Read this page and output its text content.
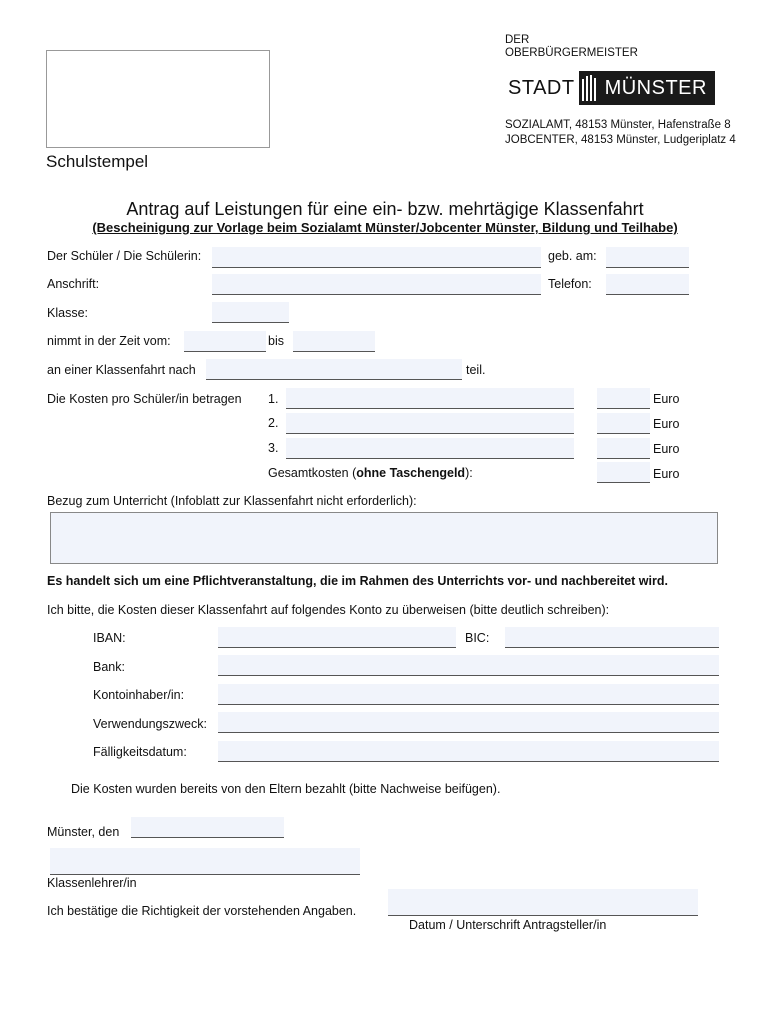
Schulstempel
DER
OBERBÜRGERMEISTER
STADT MÜNSTER
SOZIALAMT, 48153 Münster, Hafenstraße 8
JOBCENTER, 48153 Münster, Ludgeriplatz 4
Antrag auf Leistungen für eine ein- bzw. mehrtägige Klassenfahrt
(Bescheinigung zur Vorlage beim Sozialamt Münster/Jobcenter Münster, Bildung und Teilhabe)
Der Schüler / Die Schülerin:	geb. am:
Anschrift:	Telefon:
Klasse:
nimmt in der Zeit vom:	bis
an einer Klassenfahrt nach	teil.
Die Kosten pro Schüler/in betragen 1.	Euro
2.	Euro
3.	Euro
Gesamtkosten (ohne Taschengeld):	Euro
Bezug zum Unterricht (Infoblatt zur Klassenfahrt nicht erforderlich):
Es handelt sich um eine Pflichtveranstaltung, die im Rahmen des Unterrichts vor- und nachbereitet wird.
Ich bitte, die Kosten dieser Klassenfahrt auf folgendes Konto zu überweisen (bitte deutlich schreiben):
IBAN:	BIC:
Bank:
Kontoinhaber/in:
Verwendungszweck:
Fälligkeitsdatum:
Die Kosten wurden bereits von den Eltern bezahlt (bitte Nachweise beifügen).
Münster, den
Klassenlehrer/in
Ich bestätige die Richtigkeit der vorstehenden Angaben.
Datum / Unterschrift Antragsteller/in
